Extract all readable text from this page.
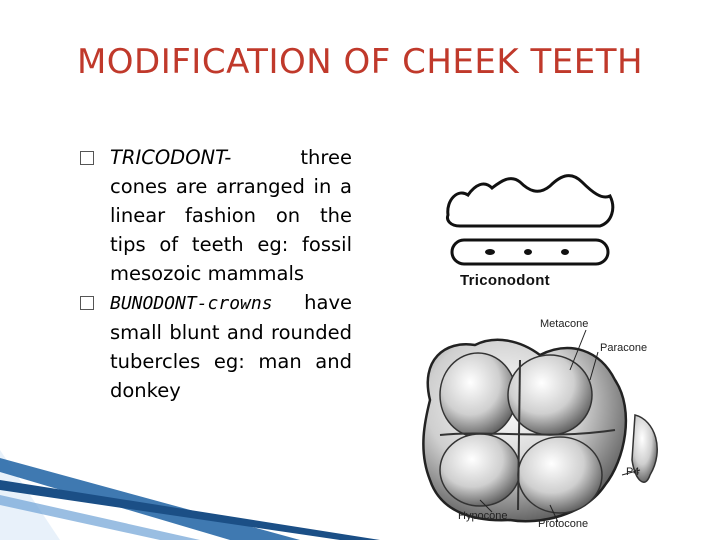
MODIFICATION OF CHEEK TEETH
TRICODONT- three cones are arranged in a linear fashion on the tips of teeth eg: fossil mesozoic mammals
BUNODONT-crowns have small blunt and rounded tubercles eg: man and donkey
Triconodont
Metacone
Paracone
P4
Hypocone
Protocone
